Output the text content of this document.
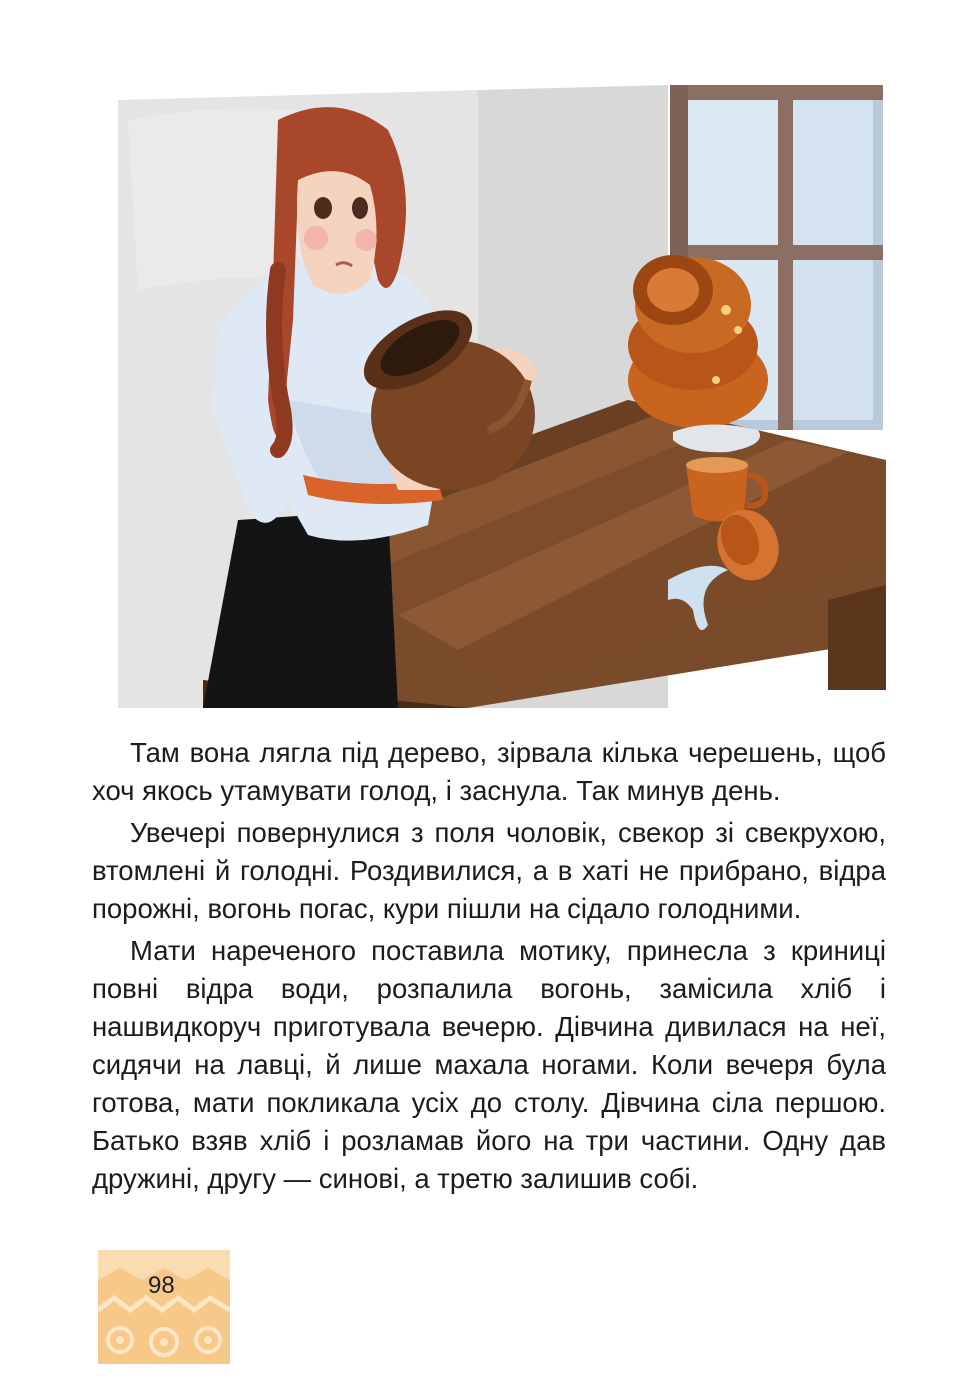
Там вона лягла під дерево, зірвала кілька черешень, щоб хоч якось утамувати голод, і заснула. Так минув день.

Увечері повернулися з поля чоловік, свекор зі свекрухою, втомлені й голодні. Роздивилися, а в хаті не прибрано, відра порожні, вогонь погас, кури пішли на сідало голодними.

Мати нареченого поставила мотику, принесла з криниці повні відра води, розпалила вогонь, замісила хліб і нашвидкоруч приготувала вечерю. Дівчина дивилася на неї, сидячи на лавці, й лише махала ногами. Коли вечеря була готова, мати покликала усіх до столу. Дівчина сіла першою. Батько взяв хліб і розламав його на три частини. Одну дав дружині, другу — синові, а третю залишив собі.

98
